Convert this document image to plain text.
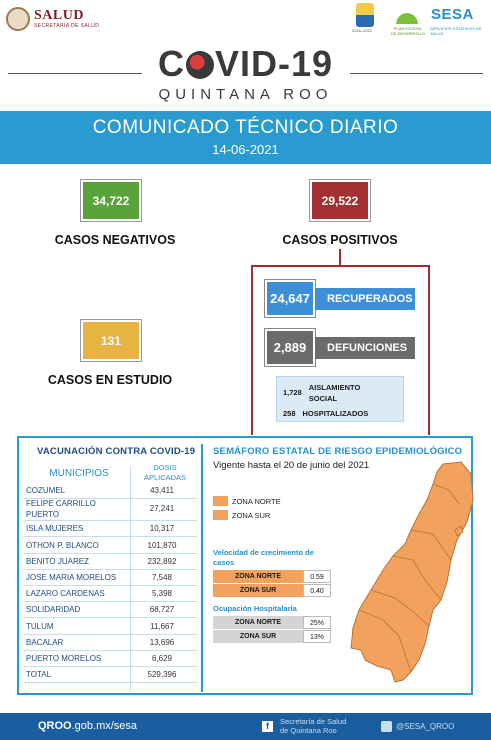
SALUD
SECRETARÍA DE SALUD
2016–2022	PLAN ESTATAL DE DESARROLLO
SESA
SERVICIOS ESTATALES DE SALUD
C VID-19
QUINTANA ROO
COMUNICADO TÉCNICO DIARIO
14-06-2021
34,722
CASOS NEGATIVOS
29,522
CASOS POSITIVOS
131
CASOS EN ESTUDIO
24,647	RECUPERADOS
2,889	DEFUNCIONES
1,728
AISLAMIENTO
SOCIAL
258 HOSPITALIZADOS
VACUNACIÓN CONTRA COVID-19
MUNICIPIOS
DOSIS
APLICADAS
COZUMEL	43,411
FELIPE CARRILLO PUERTO
27,241
ISLA MUJERES	10,317
OTHON P. BLANCO	101,870
BENITO JUAREZ	232,892
JOSE MARIA MORELOS	7,548
LAZARO CARDENAS	5,398
SOLIDARIDAD	68,727
TULUM	11,667
BACALAR	13,696
PUERTO MORELOS	6,629
TOTAL	529,396
SEMÁFORO ESTATAL DE RIESGO EPIDEMIOLÓGICO
Vigente hasta el 20 de junio del 2021
ZONA NORTE
ZONA SUR
Velocidad de crecimiento de
casos
ZONA NORTE	0.59
ZONA SUR	0.40
Ocupación Hospitalaria
ZONA NORTE	25%
ZONA SUR	13%
QROO.gob.mx/sesa	f	Secretaría de Salud
de Quintana Roo	@SESA_QROO
